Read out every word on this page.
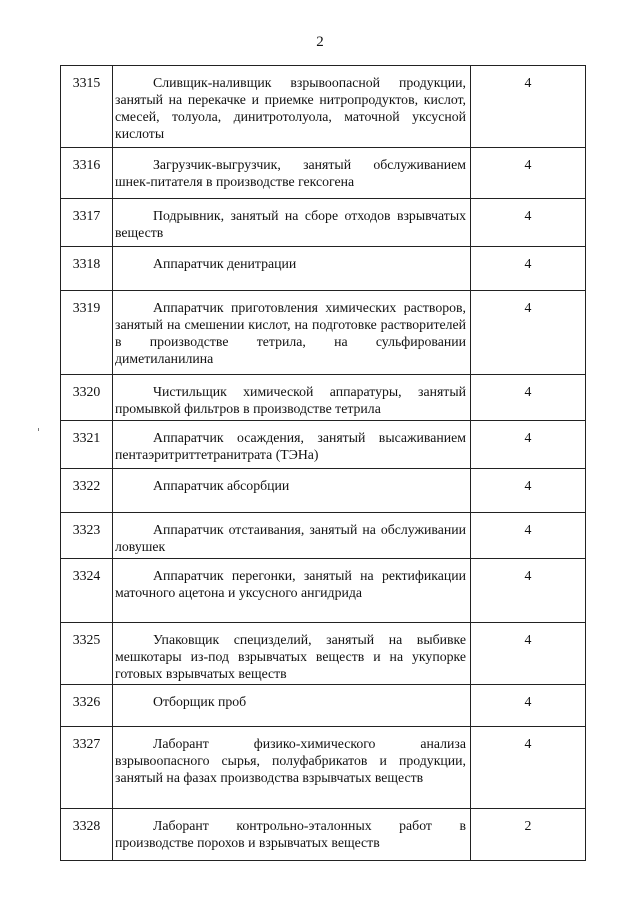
2
3315	Сливщик-наливщик взрывоопасной продукции, занятый на перекачке и приемке нитропродуктов, кислот, смесей, толуола, динитротолуола, маточной уксусной кислоты	4
3316	Загрузчик-выгрузчик, занятый обслуживанием шнек-питателя в производстве гексогена	4
3317	Подрывник, занятый на сборе отходов взрывчатых веществ	4
3318	Аппаратчик денитрации	4
3319	Аппаратчик приготовления химических растворов, занятый на смешении кислот, на подготовке растворителей в производстве тетрила, на сульфировании диметиланилина	4
3320	Чистильщик химической аппаратуры, занятый промывкой фильтров в производстве тетрила	4
3321	Аппаратчик осаждения, занятый высаживанием пентаэритриттетранитрата (ТЭНа)	4
3322	Аппаратчик абсорбции	4
3323	Аппаратчик отстаивания, занятый на обслуживании ловушек	4
3324	Аппаратчик перегонки, занятый на ректификации маточного ацетона и уксусного ангидрида	4
3325	Упаковщик специзделий, занятый на выбивке мешкотары из-под взрывчатых веществ и на укупорке готовых взрывчатых веществ	4
3326	Отборщик проб	4
3327	Лаборант физико-химического анализа взрывоопасного сырья, полуфабрикатов и продукции, занятый на фазах производства взрывчатых веществ	4
3328	Лаборант контрольно-эталонных работ в производстве порохов и взрывчатых веществ	2
